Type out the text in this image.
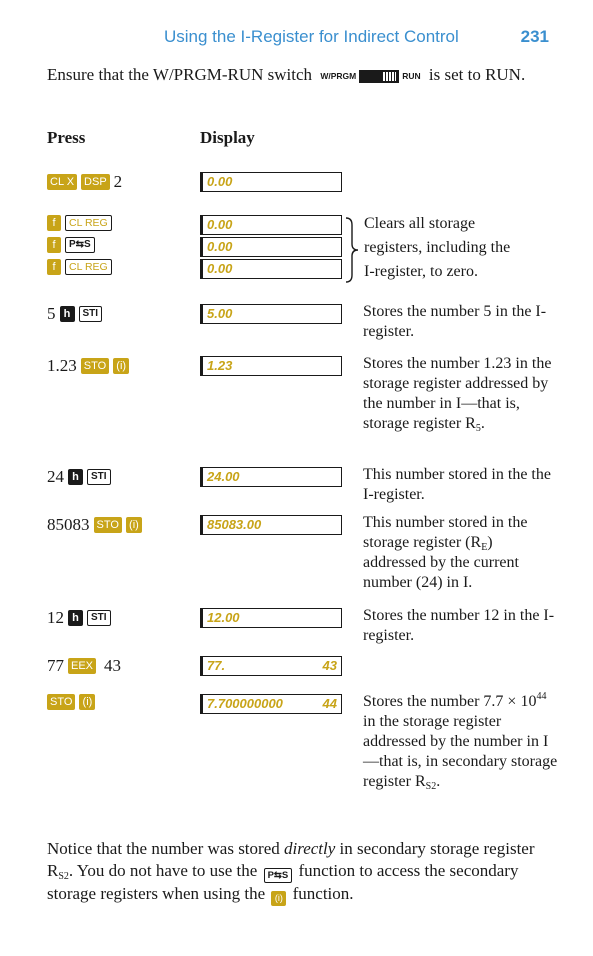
Using the I-Register for Indirect Control	231
Ensure that the W/PRGM-RUN switch W/PRGM	RUN is set to RUN.
Press	Display
CL X DSP 2	0.00
f	CL REG	0.00	Clears all storage
registers, including the
I-register, to zero.
f	P⇆S	0.00
f	CL REG	0.00
5 h	STI	5.00	Stores the number 5 in the I-register.
1.23 STO (i)	1.23	Stores the number 1.23 in the storage register addressed by the number in I—that is, storage register $R_5$.
24 h	STI	24.00	This number stored in the the I-register.
85083 STO (i)	85083.00	This number stored in the storage register $(R_E)$ addressed by the current number (24) in I.
12 h	STI	12.00	Stores the number 12 in the I-register.
77 EEX 43	77.	43
STO (i)	7.700000000	44 Stores the number $7.7 \times 10^{44}$ in the storage register addressed by the number in I—that is, in secondary storage register $R_{S2}$.
Notice that the number was stored directly in secondary storage register $R_{S2}$. You do not have to use the P⇆S function to access the secondary storage registers when using the (i) function.
